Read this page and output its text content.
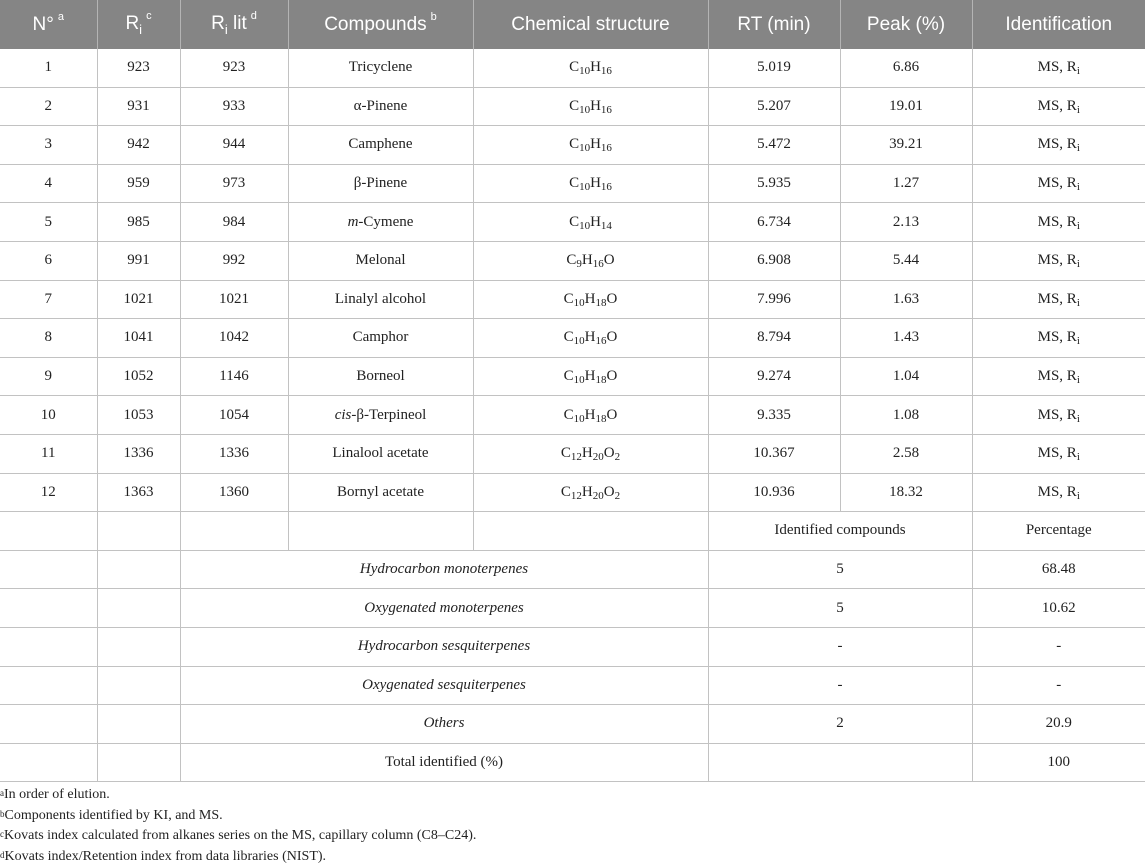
N° $^a$	$R_i^c$	$R_i$ lit $^d$	Compounds $^b$	Chemical structure	RT (min)	Peak (%)	Identification
1	923	923	Tricyclene	$C_{10}H_{16}$	5.019	6.86	MS, $R_i$
2	931	933	α-Pinene	$C_{10}H_{16}$	5.207	19.01	MS, $R_i$
3	942	944	Camphene	$C_{10}H_{16}$	5.472	39.21	MS, $R_i$
4	959	973	β-Pinene	$C_{10}H_{16}$	5.935	1.27	MS, $R_i$
5	985	984	m-Cymene	$C_{10}H_{14}$	6.734	2.13	MS, $R_i$
6	991	992	Melonal	$C_9H_{16}O$	6.908	5.44	MS, $R_i$
7	1021	1021	Linalyl alcohol	$C_{10}H_{18}O$	7.996	1.63	MS, $R_i$
8	1041	1042	Camphor	$C_{10}H_{16}O$	8.794	1.43	MS, $R_i$
9	1052	1146	Borneol	$C_{10}H_{18}O$	9.274	1.04	MS, $R_i$
10	1053	1054	cis-β-Terpineol	$C_{10}H_{18}O$	9.335	1.08	MS, $R_i$
11	1336	1336	Linalool acetate	$C_{12}H_{20}O_2$	10.367	2.58	MS, $R_i$
12	1363	1360	Bornyl acetate	$C_{12}H_{20}O_2$	10.936	18.32	MS, $R_i$
					Identified compounds		Percentage
		Hydrocarbon monoterpenes			5		68.48
		Oxygenated monoterpenes			5		10.62
		Hydrocarbon sesquiterpenes			-		-
		Oxygenated sesquiterpenes			-		-
		Others			2		20.9
		Total identified (%)					100
$^a$In order of elution.
$^b$Components identified by KI, and MS.
$^c$Kovats index calculated from alkanes series on the MS, capillary column (C8–C24).
$^d$Kovats index/Retention index from data libraries (NIST).
